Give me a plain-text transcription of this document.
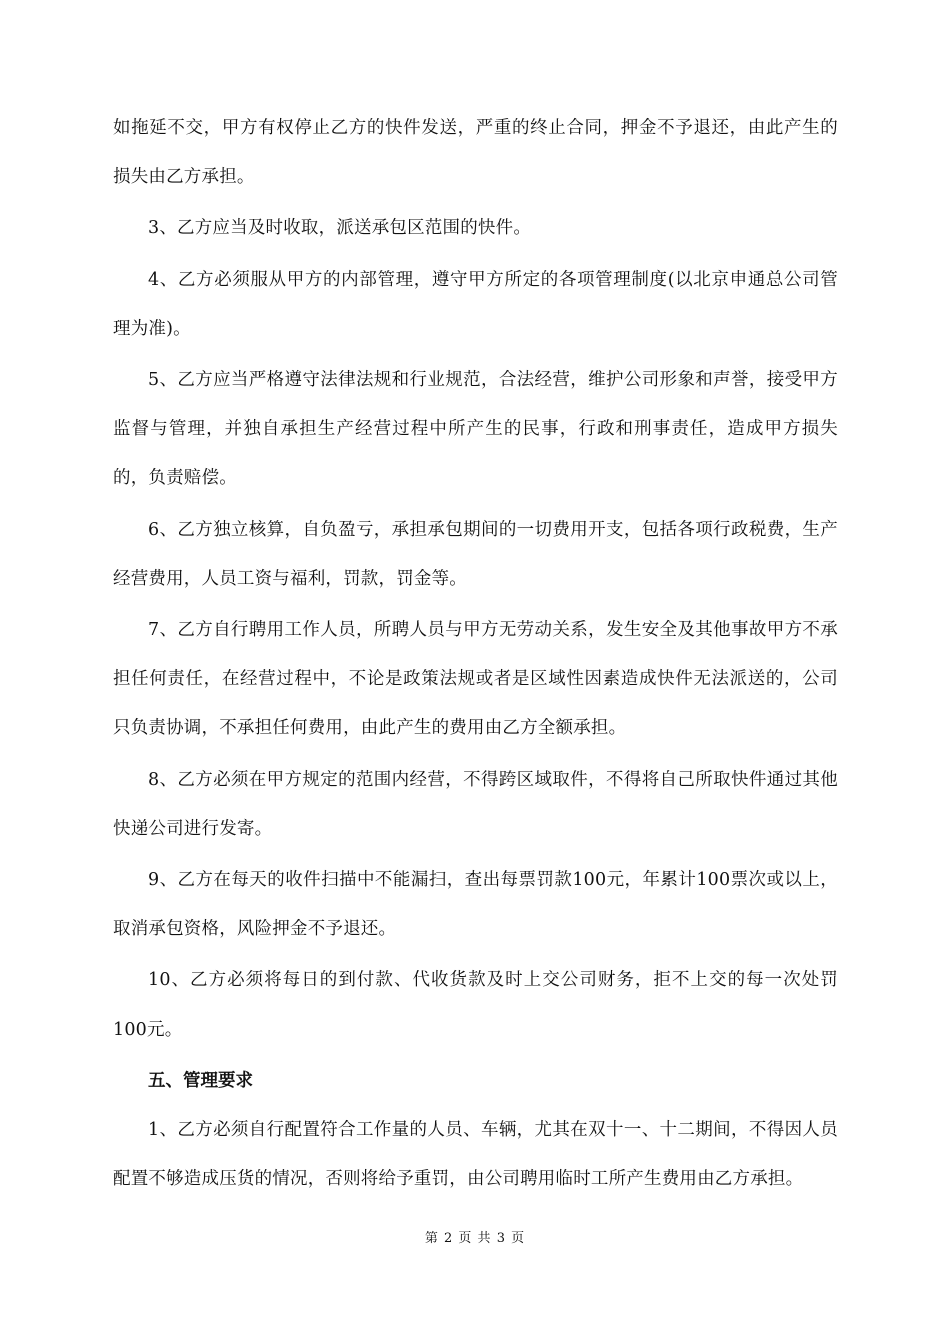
如拖延不交，甲方有权停止乙方的快件发送，严重的终止合同，押金不予退还，由此产生的损失由乙方承担。

3、乙方应当及时收取，派送承包区范围的快件。

4、乙方必须服从甲方的内部管理，遵守甲方所定的各项管理制度(以北京申通总公司管理为准)。

5、乙方应当严格遵守法律法规和行业规范，合法经营，维护公司形象和声誉，接受甲方监督与管理，并独自承担生产经营过程中所产生的民事，行政和刑事责任，造成甲方损失的，负责赔偿。

6、乙方独立核算，自负盈亏，承担承包期间的一切费用开支，包括各项行政税费，生产经营费用，人员工资与福利，罚款，罚金等。

7、乙方自行聘用工作人员，所聘人员与甲方无劳动关系，发生安全及其他事故甲方不承担任何责任，在经营过程中，不论是政策法规或者是区域性因素造成快件无法派送的，公司只负责协调，不承担任何费用，由此产生的费用由乙方全额承担。

8、乙方必须在甲方规定的范围内经营，不得跨区域取件，不得将自己所取快件通过其他快递公司进行发寄。

9、乙方在每天的收件扫描中不能漏扫，查出每票罚款100元，年累计100票次或以上，取消承包资格，风险押金不予退还。

10、乙方必须将每日的到付款、代收货款及时上交公司财务，拒不上交的每一次处罚100元。

五、管理要求

1、乙方必须自行配置符合工作量的人员、车辆，尤其在双十一、十二期间，不得因人员配置不够造成压货的情况，否则将给予重罚，由公司聘用临时工所产生费用由乙方承担。

第 2 页 共 3 页
